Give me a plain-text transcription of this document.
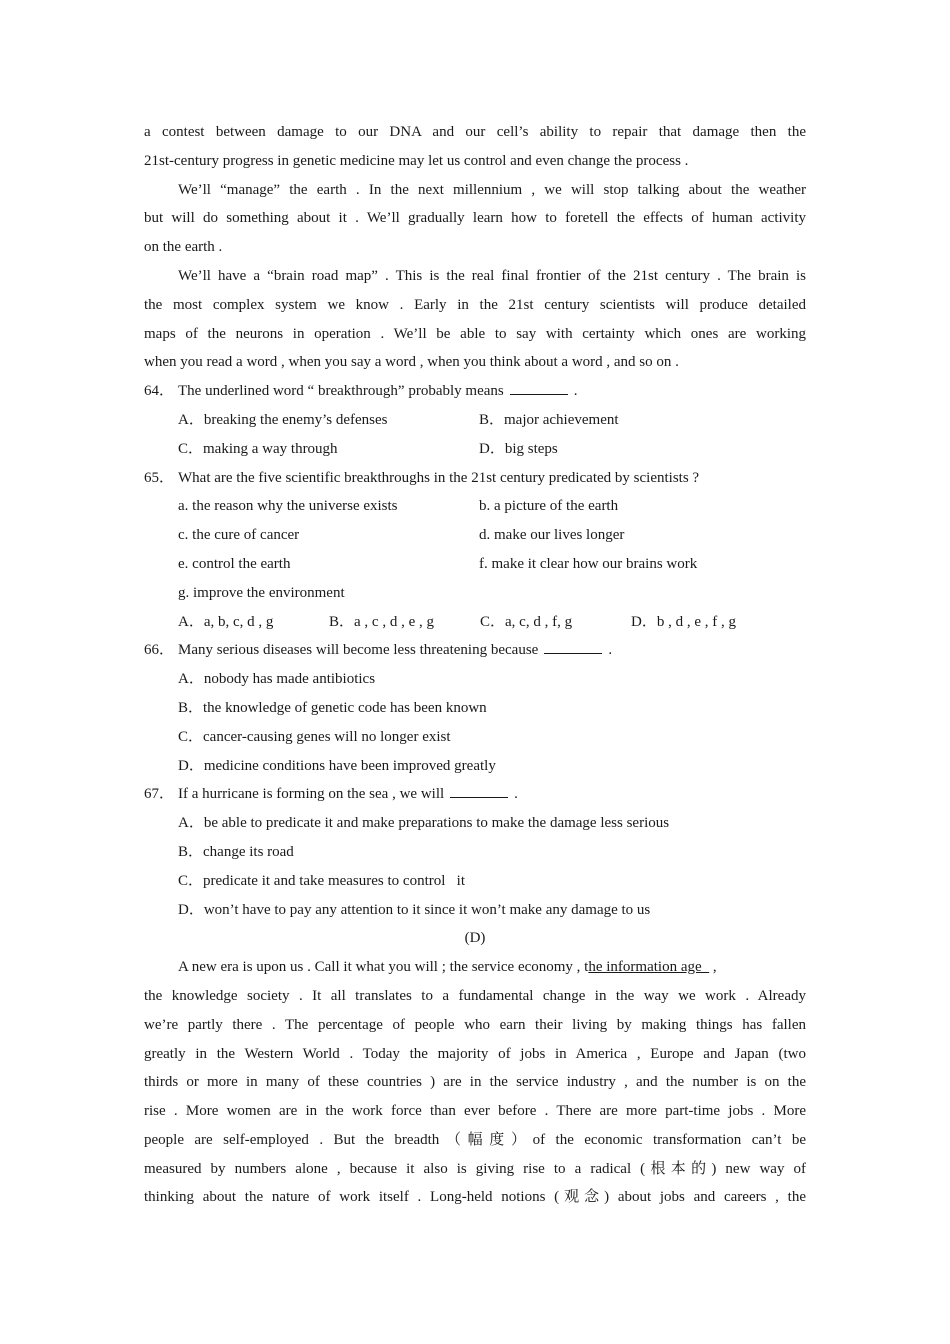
a contest between damage to our DNA and our cell’s ability to repair that damage then the
21st-century progress in genetic medicine may let us control and even change the process .
We’ll “manage” the earth . In the next millennium , we will stop talking about the weather
but will do something about it . We’ll gradually learn how to foretell the effects of human activity
on the earth .
We’ll have a “brain road map” . This is the real final frontier of the 21st century . The brain is
the most complex system we know . Early in the 21st century scientists will produce detailed
maps of the neurons in operation . We’ll be able to say with certainty which ones are working
when you read a word , when you say a word , when you think about a word , and so on .
64． The underlined word “ breakthrough” probably means	.
A．breaking the enemy’s defenses	B．major achievement
C．making a way through	D．big steps
65． What are the five scientific breakthroughs in the 21st century predicated by scientists ?
a. the reason why the universe exists	b. a picture of the earth
c. the cure of cancer	d. make our lives longer
e. control the earth	f. make it clear how our brains work
g. improve the environment
A．a, b, c, d , g	B．a , c , d , e , g	C．a, c, d , f, g	D．b , d , e , f , g
66． Many serious diseases will become less threatening because	.
A．nobody has made antibiotics
B．the knowledge of genetic code has been known
C．cancer-causing genes will no longer exist
D．medicine conditions have been improved greatly
67． If a hurricane is forming on the sea , we will	.
A．be able to predicate it and make preparations to make the damage less serious
B．change its road
C．predicate it and take measures to control   it
D．won’t have to pay any attention to it since it won’t make any damage to us
(D)
A new era is upon us . Call it what you will ; the service economy , the information age   ,
the knowledge society . It all translates to a fundamental change in the way we work . Already
we’re partly there . The percentage of people who earn their living by making things has fallen
greatly in the Western World . Today the majority of jobs in America , Europe and Japan (two
thirds or more in many of these countries ) are in the service industry , and the number is on the
rise . More women are in the work force than ever before . There are more part-time jobs . More
people are self-employed . But the breadth（幅度）of the economic transformation can’t be
measured by numbers alone , because it also is giving rise to a radical (根本的) new way of
thinking about the nature of work itself . Long-held notions (观念) about jobs and careers , the
